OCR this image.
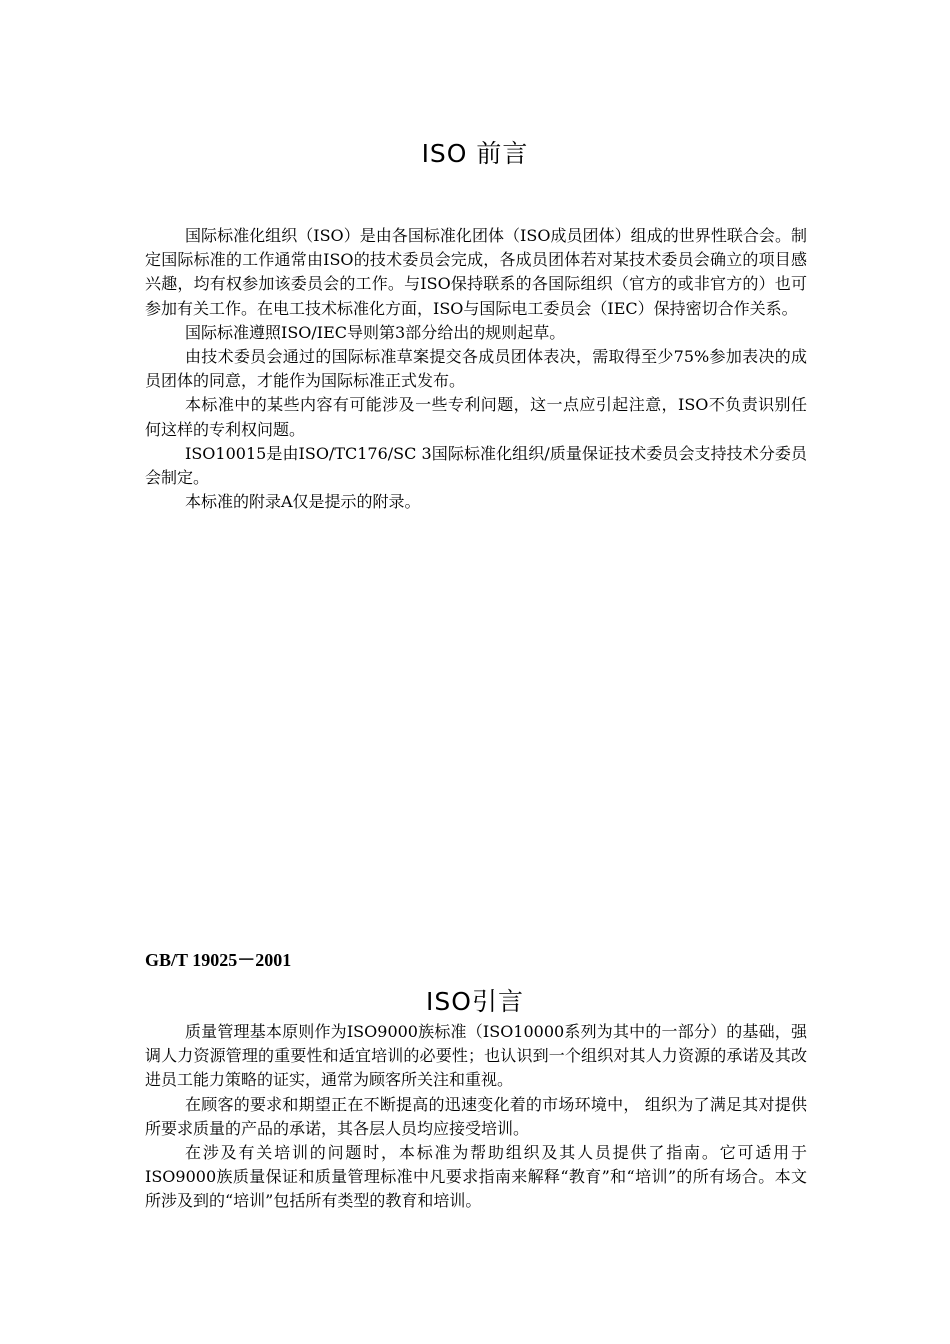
ISO 前言

国际标准化组织（ISO）是由各国标准化团体（ISO成员团体）组成的世界性联合会。制定国际标准的工作通常由ISO的技术委员会完成，各成员团体若对某技术委员会确立的项目感兴趣，均有权参加该委员会的工作。与ISO保持联系的各国际组织（官方的或非官方的）也可参加有关工作。在电工技术标准化方面，ISO与国际电工委员会（IEC）保持密切合作关系。

国际标准遵照ISO/IEC导则第3部分给出的规则起草。

由技术委员会通过的国际标准草案提交各成员团体表决，需取得至少75%参加表决的成员团体的同意，才能作为国际标准正式发布。

本标准中的某些内容有可能涉及一些专利问题，这一点应引起注意，ISO不负责识别任何这样的专利权问题。

ISO10015是由ISO/TC176/SC 3国际标准化组织/质量保证技术委员会支持技术分委员会制定。

本标准的附录A仅是提示的附录。

GB/T 19025－2001
ISO引言

质量管理基本原则作为ISO9000族标准（ISO10000系列为其中的一部分）的基础，强调人力资源管理的重要性和适宜培训的必要性；也认识到一个组织对其人力资源的承诺及其改进员工能力策略的证实，通常为顾客所关注和重视。

在顾客的要求和期望正在不断提高的迅速变化着的市场环境中， 组织为了满足其对提供所要求质量的产品的承诺，其各层人员均应接受培训。

在涉及有关培训的问题时，本标准为帮助组织及其人员提供了指南。它可适用于ISO9000族质量保证和质量管理标准中凡要求指南来解释“教育”和“培训”的所有场合。本文所涉及到的“培训”包括所有类型的教育和培训。
